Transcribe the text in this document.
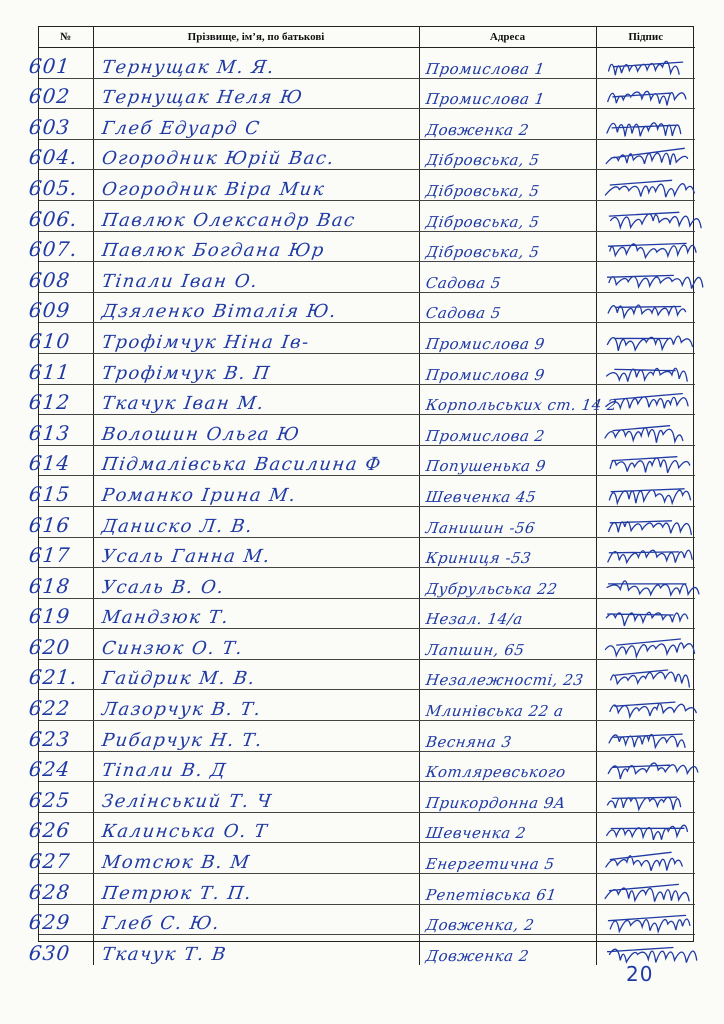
№	Прізвище, ім’я, по батькові	Адреса	Підпис
601	Тернущак М. Я.	Промислова 1	

602	Тернущак Неля Ю	Промислова 1	

603	Глеб Едуард С	Довженка 2	

604.	Огородник Юрій Вас.	Дібровська, 5	

605.	Огородник Віра Мик	Дібровська, 5	

606.	Павлюк Олександр Вас	Дібровська, 5	

607.	Павлюк Богдана Юр	Дібровська, 5	

608	Тіпали Іван О.	Садова 5	

609	Дзяленко Віталія Ю.	Садова 5	

610	Трофімчук Ніна Ів-	Промислова 9	

611	Трофімчук В. П	Промислова 9	

612	Ткачук Іван М.	Корпольських ст. 14 2	

613	Волошин Ольга Ю	Промислова 2	

614	Підмалівська Василина Ф	Попушенька 9	

615	Романко Ірина М.	Шевченка 45	

616	Даниско Л. В.	Ланишин -56	

617	Усаль Ганна М.	Криниця -53	

618	Усаль В. О.	Дубрульська 22	

619	Мандзюк Т.	Незал. 14/а	

620	Синзюк О. Т.	Лапшин, 65	

621.	Гайдрик М. В.	Незалежності, 23	

622	Лазорчук В. Т.	Млинівська 22 а	

623	Рибарчук Н. Т.	Весняна 3	

624	Тіпали В. Д	Котляревського	

625	Зелінський Т. Ч	Прикордонна 9А	

626	Калинська О. Т	Шевченка 2	

627	Мотсюк В. М	Енергетична 5	

628	Петрюк Т. П.	Репетівська 61	

629	Глеб С. Ю.	Довженка, 2	

630	Ткачук Т. В	Довженка 2	
20
